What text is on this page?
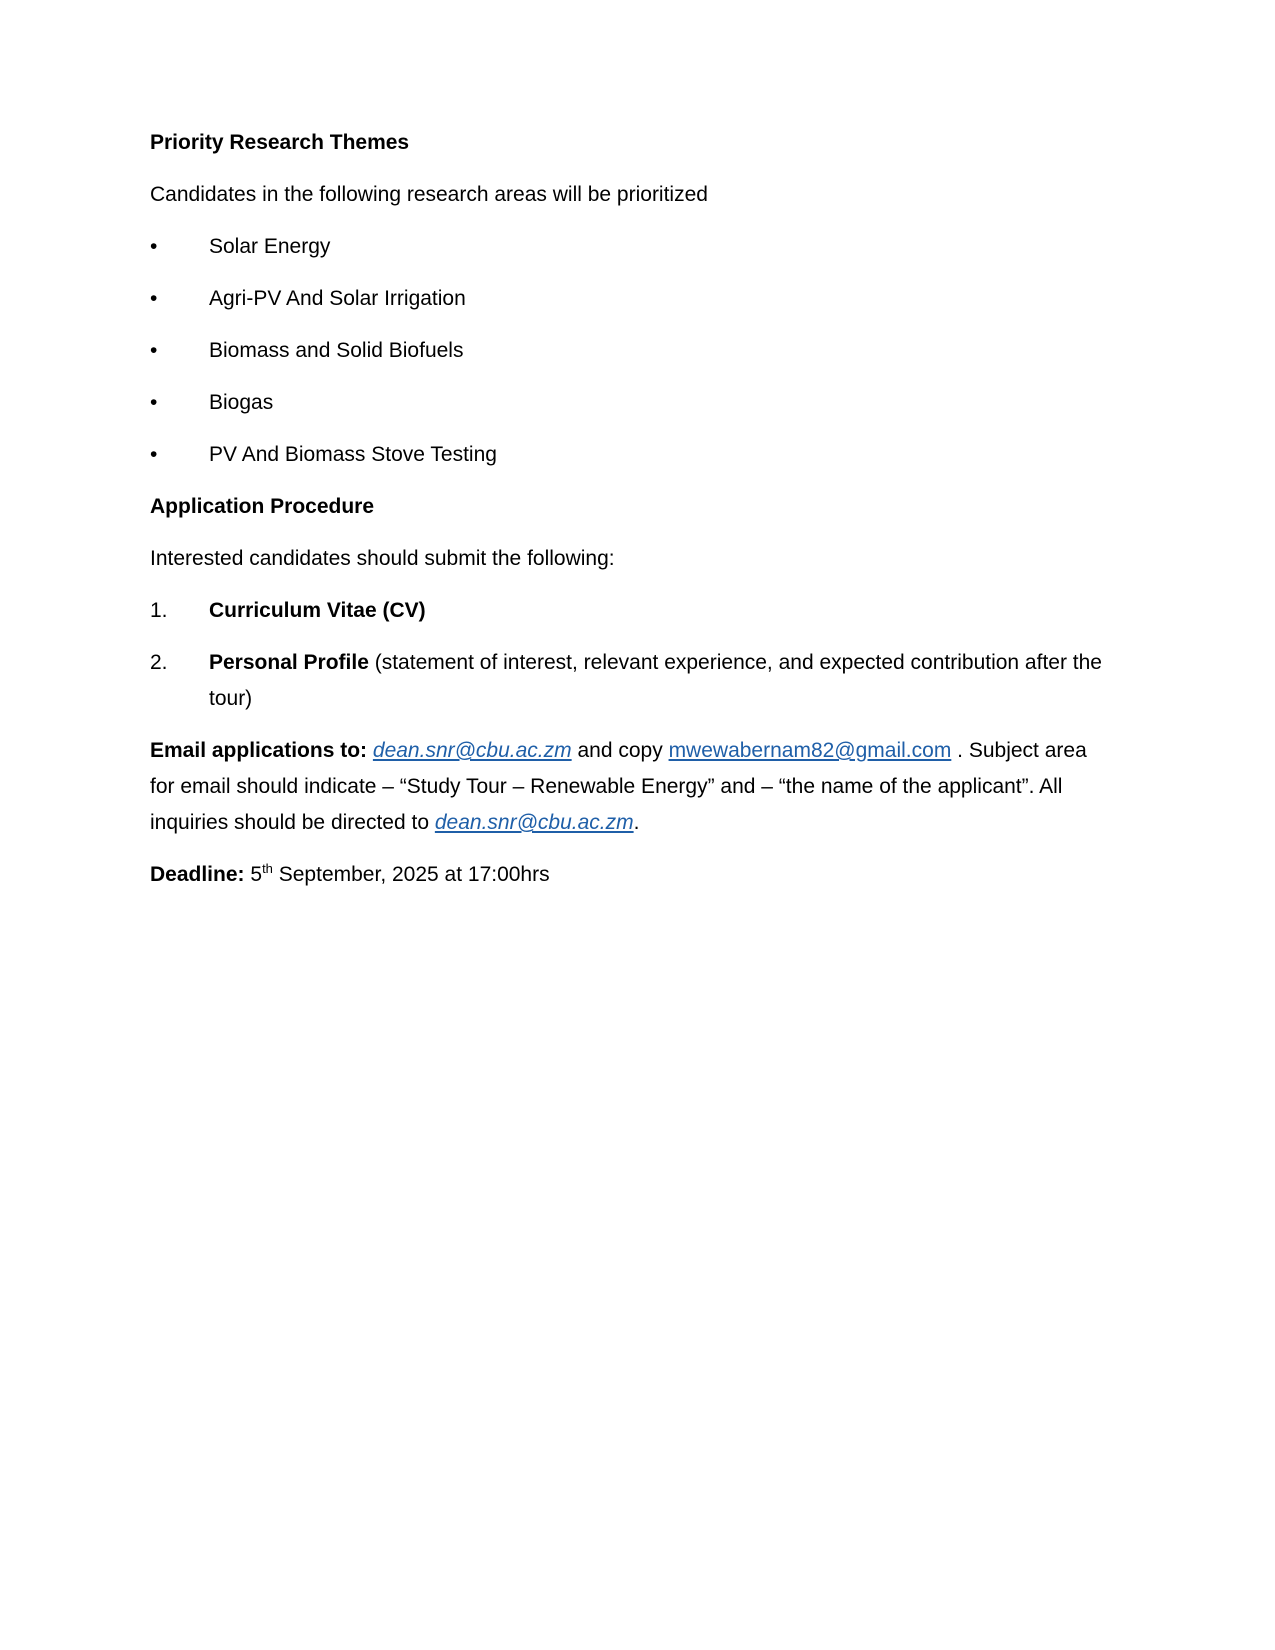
Priority Research Themes
Candidates in the following research areas will be prioritized
•	Solar Energy
•	Agri-PV And Solar Irrigation
•	Biomass and Solid Biofuels
•	Biogas
•	PV And Biomass Stove Testing
Application Procedure
Interested candidates should submit the following:
1.	Curriculum Vitae (CV)
2.	Personal Profile (statement of interest, relevant experience, and expected contribution after the tour)
Email applications to: dean.snr@cbu.ac.zm and copy mwewabernam82@gmail.com . Subject area for email should indicate – “Study Tour – Renewable Energy” and – “the name of the applicant”. All inquiries should be directed to dean.snr@cbu.ac.zm.
Deadline: 5th September, 2025 at 17:00hrs
